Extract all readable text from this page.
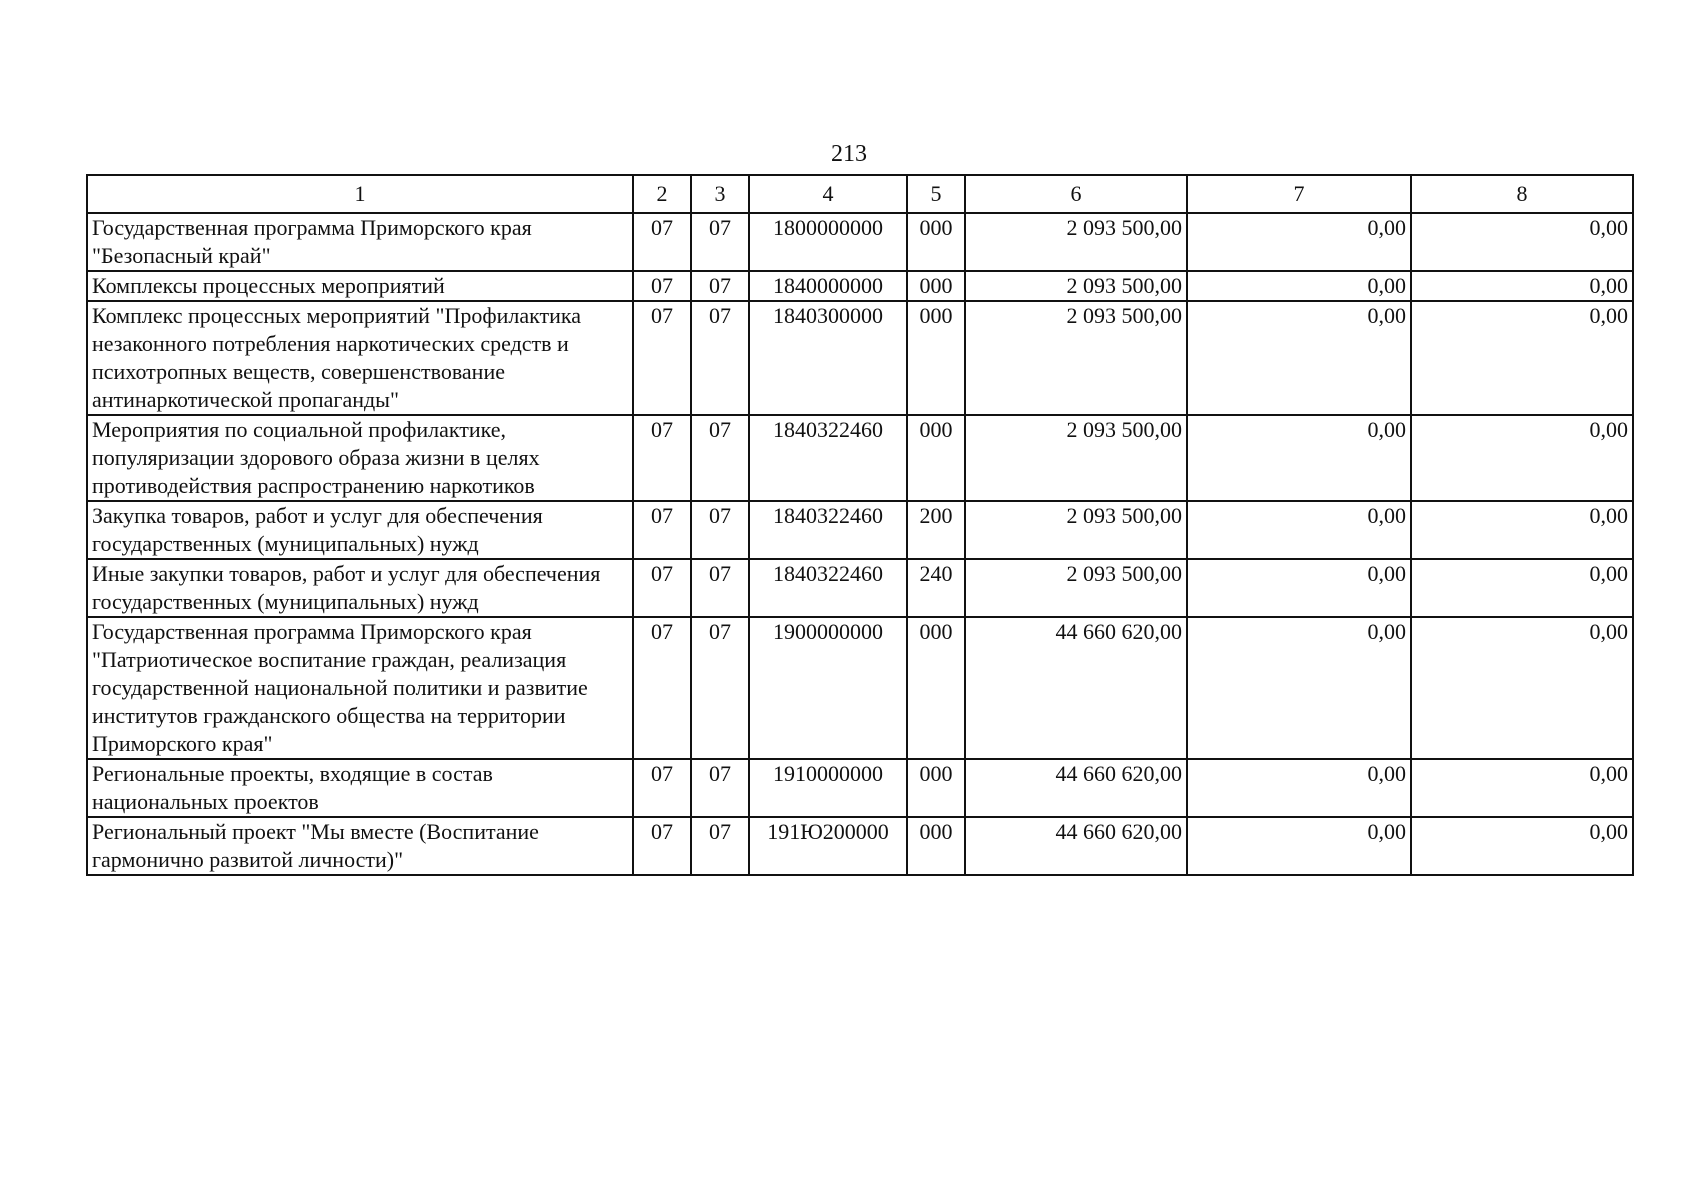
213
1	2	3	4	5	6	7	8
Государственная программа Приморского края "Безопасный край"	07	07	1800000000	000	2 093 500,00	0,00	0,00
Комплексы процессных мероприятий	07	07	1840000000	000	2 093 500,00	0,00	0,00
Комплекс процессных мероприятий "Профилактика незаконного потребления наркотических средств и психотропных веществ, совершенствование антинаркотической пропаганды"	07	07	1840300000	000	2 093 500,00	0,00	0,00
Мероприятия по социальной профилактике, популяризации здорового образа жизни в целях противодействия распространению наркотиков	07	07	1840322460	000	2 093 500,00	0,00	0,00
Закупка товаров, работ и услуг для обеспечения государственных (муниципальных) нужд	07	07	1840322460	200	2 093 500,00	0,00	0,00
Иные закупки товаров, работ и услуг для обеспечения государственных (муниципальных) нужд	07	07	1840322460	240	2 093 500,00	0,00	0,00
Государственная программа Приморского края "Патриотическое воспитание граждан, реализация государственной национальной политики и развитие институтов гражданского общества на территории Приморского края"	07	07	1900000000	000	44 660 620,00	0,00	0,00
Региональные проекты, входящие в состав национальных проектов	07	07	1910000000	000	44 660 620,00	0,00	0,00
Региональный проект "Мы вместе (Воспитание гармонично развитой личности)"	07	07	191Ю200000	000	44 660 620,00	0,00	0,00
